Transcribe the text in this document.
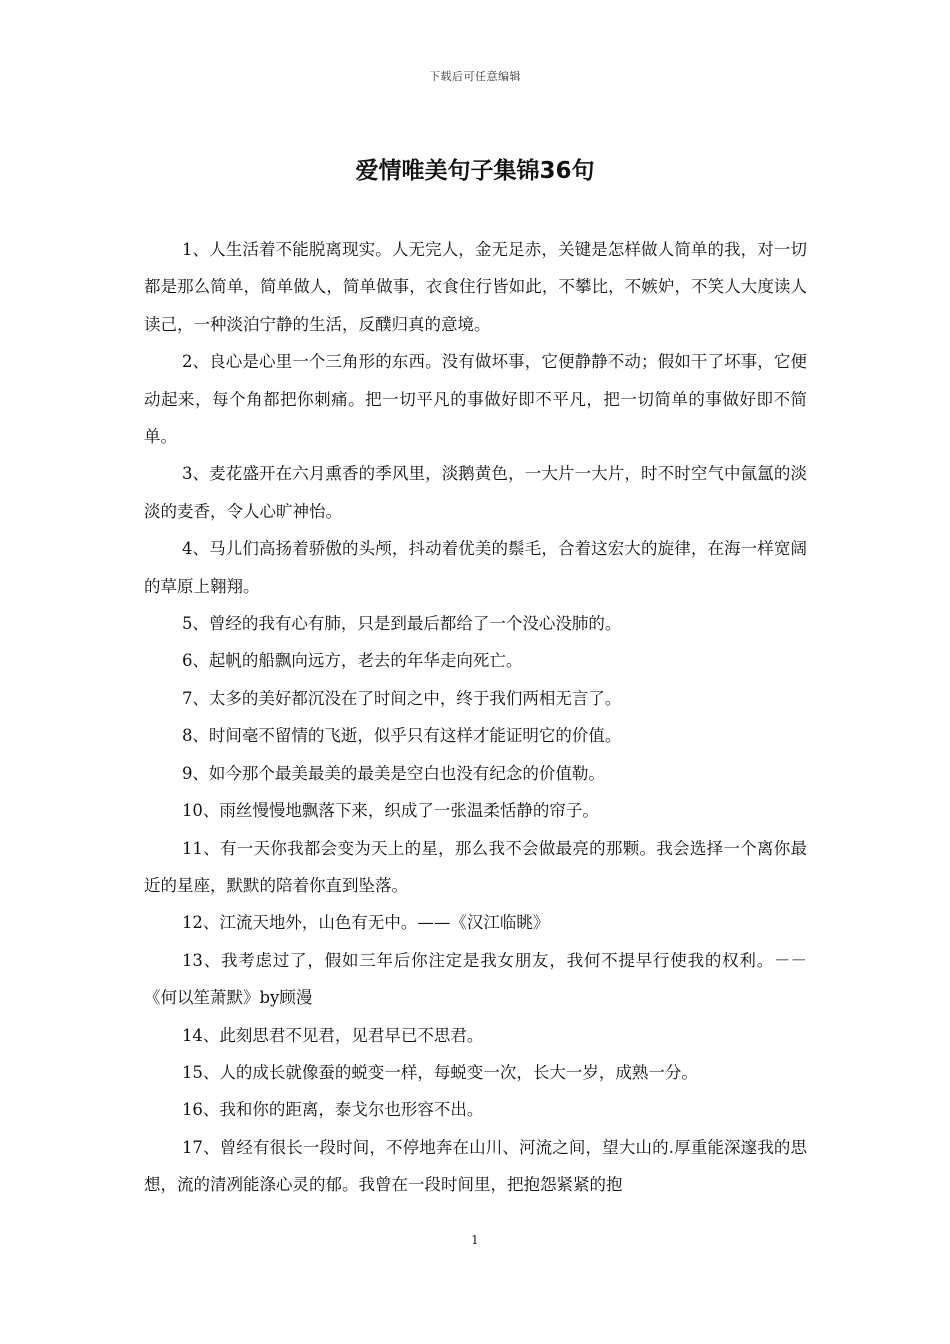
下载后可任意编辑
爱情唯美句子集锦36句

1、人生活着不能脱离现实。人无完人，金无足赤，关键是怎样做人简单的我，对一切都是那么简单，简单做人，简单做事，衣食住行皆如此，不攀比，不嫉妒，不笑人大度读人读己，一种淡泊宁静的生活，反醭归真的意境。

2、良心是心里一个三角形的东西。没有做坏事，它便静静不动；假如干了坏事，它便动起来，每个角都把你刺痛。把一切平凡的事做好即不平凡，把一切简单的事做好即不简单。

3、麦花盛开在六月熏香的季风里，淡鹅黄色，一大片一大片，时不时空气中氤氲的淡淡的麦香，令人心旷神怡。

4、马儿们高扬着骄傲的头颅，抖动着优美的鬃毛，合着这宏大的旋律，在海一样宽阔的草原上翱翔。

5、曾经的我有心有肺，只是到最后都给了一个没心没肺的。

6、起帆的船飘向远方，老去的年华走向死亡。

7、太多的美好都沉没在了时间之中，终于我们两相无言了。

8、时间毫不留情的飞逝，似乎只有这样才能证明它的价值。

9、如今那个最美最美的最美是空白也没有纪念的价值勒。

10、雨丝慢慢地飘落下来，织成了一张温柔恬静的帘子。

11、有一天你我都会变为天上的星，那么我不会做最亮的那颗。我会选择一个离你最近的星座，默默的陪着你直到坠落。

12、江流天地外，山色有无中。——《汉江临眺》

13、我考虑过了，假如三年后你注定是我女朋友，我何不提早行使我的权利。－－《何以笙萧默》by顾漫

14、此刻思君不见君，见君早已不思君。

15、人的成长就像蚕的蜕变一样，每蜕变一次，长大一岁，成熟一分。

16、我和你的距离，泰戈尔也形容不出。

17、曾经有很长一段时间，不停地奔在山川、河流之间，望大山的.厚重能深邃我的思想，流的清冽能涤心灵的郁。我曾在一段时间里，把抱怨紧紧的抱

1
